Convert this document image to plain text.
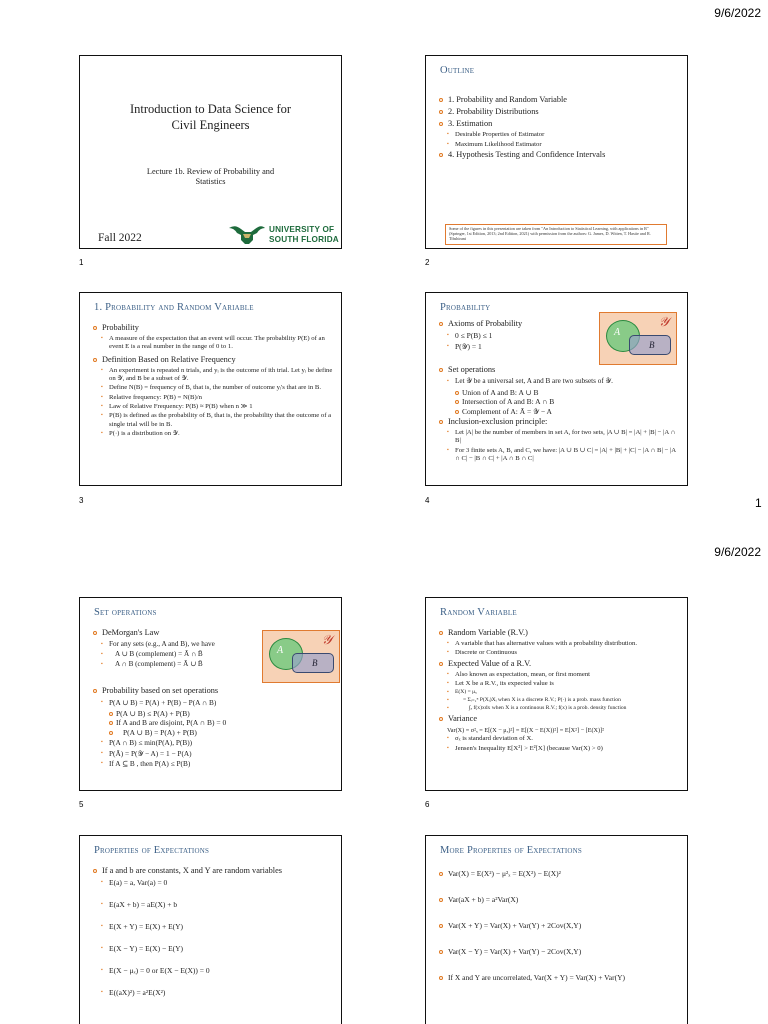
9/6/2022
1	2
3	4	1
Introduction to Data Science for
Civil Engineers
Lecture 1b. Review of Probability and
Statistics
Fall 2022
UNIVERSITY OF
SOUTH FLORIDA
Outline
1. Probability and Random Variable
2. Probability Distributions
3. Estimation
▪ Desirable Properties of Estimator
▪ Maximum Likelihood Estimator
4. Hypothesis Testing and Confidence Intervals
Some of the figures in this presentation are taken from "An Introduction to Statistical Learning, with applications in R" (Springer, 1st Edition, 2013; 2nd Edition, 2021) with permission from the authors: G. James, D. Witten, T. Hastie and R. Tibshirani
1. Probability and Random Variable
Probability
▪ A measure of the expectation that an event will occur. The probability P(E) of an event E is a real number in the range of 0 to 1.
Definition Based on Relative Frequency
▪ An experiment is repeated n trials, and yᵢ is the outcome of ith trial. Let yᵢ be define on 𝒴, and B be a subset of 𝒴.
▪ Define N(B) = frequency of B, that is, the number of outcome yᵢ's that are in B.
▪ Relative frequency: P(B) = N(B)/n
▪ Law of Relative Frequency: P(B) ≈ P(B) when n ≫ 1
▪ P(B) is defined as the probability of B, that is, the probability that the outcome of a single trial will be in B.
▪ P(·) is a distribution on 𝒴.
Probability
A
B
𝒴
Axioms of Probability
▪ 0 ≤ P(B) ≤ 1
▪ P(𝒴) = 1
Set operations
▪ Let 𝒴 be a universal set, A and B are two subsets of 𝒴.
Union of A and B: A ∪ B
Intersection of A and B: A ∩ B
Complement of A: Ā = 𝒴 − A
Inclusion-exclusion principle:
▪ Let |A| be the number of members in set A, for two sets, |A ∪ B| = |A| + |B| − |A ∩ B|
▪ For 3 finite sets A, B, and C, we have: |A ∪ B ∪ C| = |A| + |B| + |C| − |A ∩ B| − |A ∩ C| − |B ∩ C| + |A ∩ B ∩ C|
9/6/2022
5	6
Set operations
A
B
𝒴
DeMorgan's Law
▪ For any sets (e.g., A and B), we have
▪ A ∪ B (complement) = Ā ∩ B̄
▪ A ∩ B (complement) = Ā ∪ B̄
Probability based on set operations
▪ P(A ∪ B) = P(A) + P(B) − P(A ∩ B)
P(A ∪ B) ≤ P(A) + P(B)
If A and B are disjoint, P(A ∩ B) = 0
P(A ∪ B) = P(A) + P(B)
▪ P(A ∩ B) ≤ min(P(A), P(B))
▪ P(Ā) = P(𝒴 − A) = 1 − P(A)
▪ If A ⊆ B , then P(A) ≤ P(B)
Random Variable
Random Variable (R.V.)
▪ A variable that has alternative values with a probability distribution.
▪ Discrete or Continuous
Expected Value of a R.V.
▪ Also known as expectation, mean, or first moment
▪ Let X be a R.V., its expected value is
▪ E(X) = μₓ
▪ = Σᵢ₌₁ⁿ P(Xᵢ)Xᵢ when X is a discrete R.V.; P(·) is a prob. mass function
▪ ∫ₓ f(x)xdx when X is a continuous R.V.; f(x) is a prob. density function
Variance
Var(X) = σ²ₓ = E[(X − μₓ)²] = E[(X − E(X))²] = E[X²] − [E(X)]²
▪ σₓ is standard deviation of X.
▪ Jensen's Inequality E[X²] > E²[X] (because Var(X) > 0)
Properties of Expectations
If a and b are constants, X and Y are random variables
▪ E(a) = a, Var(a) = 0
▪ E(aX + b) = aE(X) + b
▪ E(X + Y) = E(X) + E(Y)
▪ E(X − Y) = E(X) − E(Y)
▪ E(X − μₓ) = 0 or E(X − E(X)) = 0
▪ E((aX)²) = a²E(X²)
More Properties of Expectations
Var(X) = E(X²) − μ²ₓ = E(X²) − E(X)²
Var(aX + b) = a²Var(X)
Var(X + Y) = Var(X) + Var(Y) + 2Cov(X,Y)
Var(X − Y) = Var(X) + Var(Y) − 2Cov(X,Y)
If X and Y are uncorrelated, Var(X + Y) = Var(X) + Var(Y)
